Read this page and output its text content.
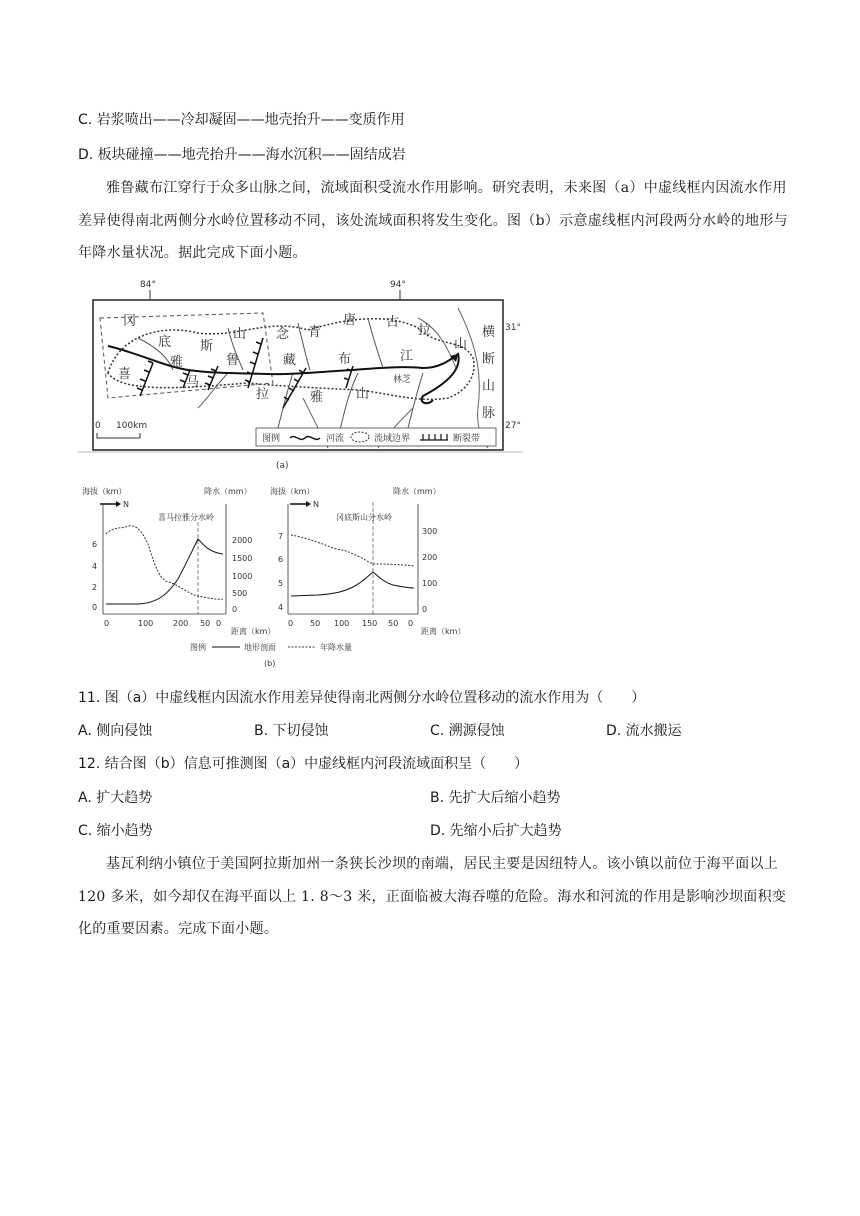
C. 岩浆喷出——冷却凝固——地壳抬升——变质作用
D. 板块碰撞——地壳抬升——海水沉积——固结成岩
雅鲁藏布江穿行于众多山脉之间，流域面积受流水作用影响。研究表明，未来图（a）中虚线框内因流水作用差异使得南北两侧分水岭位置移动不同，该处流域面积将发生变化。图（b）示意虚线框内河段两分水岭的地形与年降水量状况。据此完成下面小题。
84°	94°
31°
27°
冈
底 斯
山 念 青
唐 古
拉
山
横
断
山
脉
喜
马
雅	鲁	藏	布	江
拉	雅	山
林芝
0 100km
图例	河流	流域边界	断裂带
(a)
海拔（km）	降水（mm）
N
喜马拉雅分水岭
6
4
2
0
2000
1500
1000
500
0
0	100 200 50 0
距离（km）
海拔（km）	降水（mm）
N
冈底斯山分水岭
7
6
5
4
300
200
100
0
0 50 100 150 50 0
距离（km）
图例	地形剖面	年降水量
(b)
11. 图（a）中虚线框内因流水作用差异使得南北两侧分水岭位置移动的流水作用为（　　）
A. 侧向侵蚀	B. 下切侵蚀	C. 溯源侵蚀	D. 流水搬运
12. 结合图（b）信息可推测图（a）中虚线框内河段流域面积呈（　　）
A. 扩大趋势	B. 先扩大后缩小趋势
C. 缩小趋势	D. 先缩小后扩大趋势
基瓦利纳小镇位于美国阿拉斯加州一条狭长沙坝的南端，居民主要是因纽特人。该小镇以前位于海平面以上 120 多米，如今却仅在海平面以上 1. 8～3 米，正面临被大海吞噬的危险。海水和河流的作用是影响沙坝面积变化的重要因素。完成下面小题。
